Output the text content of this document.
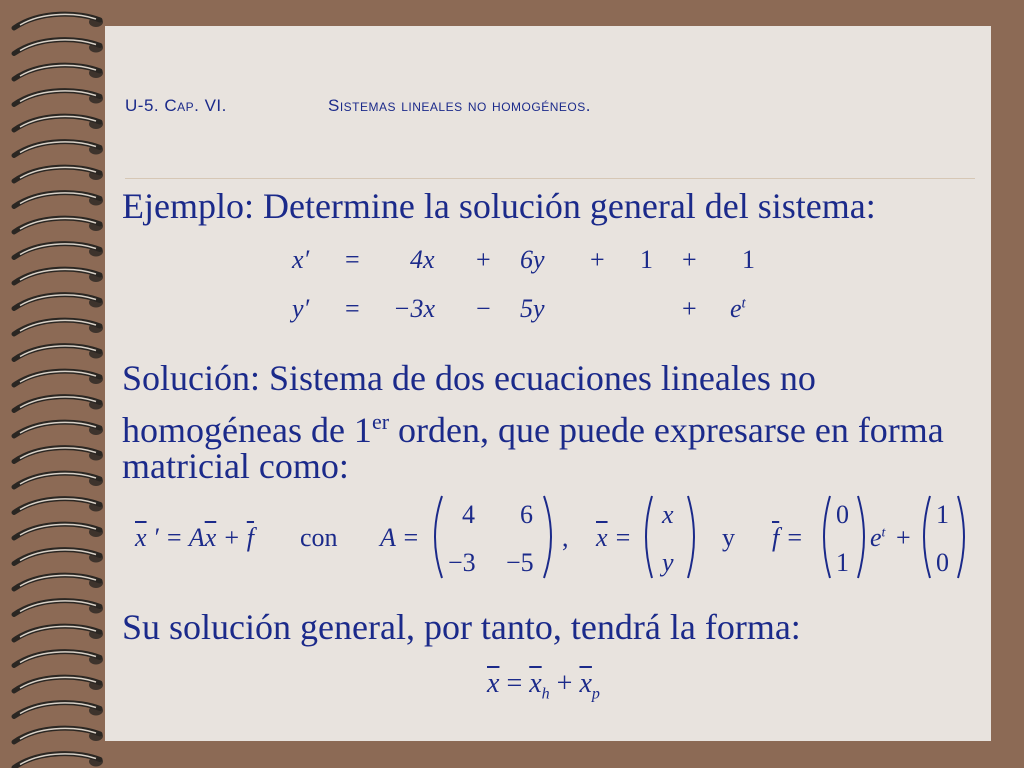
U-5. Cap. VI.	Sistemas lineales no homogéneos.
Ejemplo: Determine la solución general del sistema:
x′ = 4x + 6y + 1 + 1
y′ = −3x − 5y	+ $e^t$
Solución: Sistema de dos ecuaciones lineales no
homogéneas de 1er orden, que puede expresarse en forma
matricial como:
$\overline{x}$ ′ = $A\overline{x} + \overline{f}$ con A =
4 6
−3 −5
, $\overline{x}$ =
x
y
y $\overline{f}$ =
0
1
$e^t$ +
1
0
Su solución general, por tanto, tendrá la forma:
$\overline{x} = \overline{x}_h + \overline{x}_p$
